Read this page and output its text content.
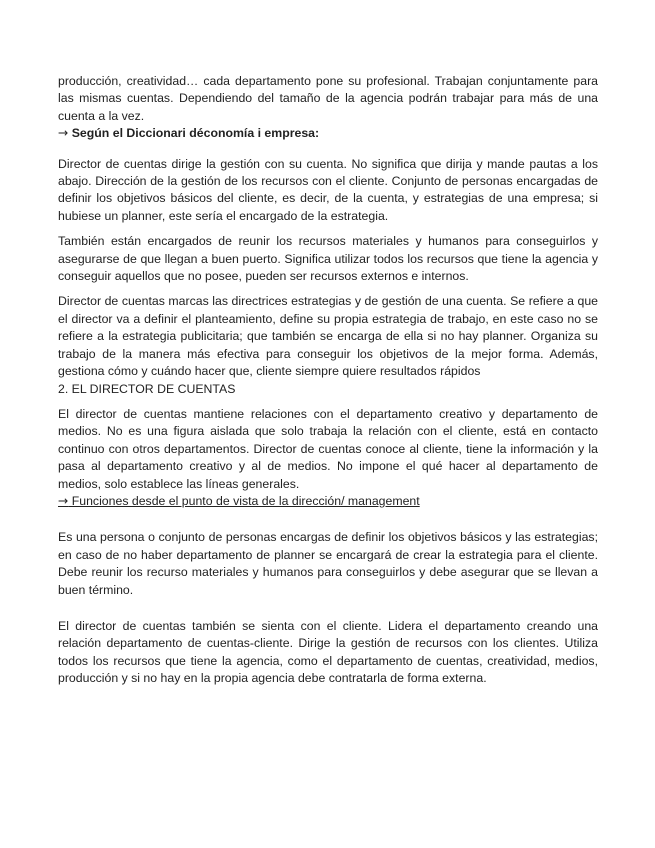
producción, creatividad… cada departamento pone su profesional. Trabajan conjuntamente para las mismas cuentas. Dependiendo del tamaño de la agencia podrán trabajar para más de una cuenta a la vez.

→ Según el Diccionari déconomía i empresa:

Director de cuentas dirige la gestión con su cuenta. No significa que dirija y mande pautas a los abajo. Dirección de la gestión de los recursos con el cliente. Conjunto de personas encargadas de definir los objetivos básicos del cliente, es decir, de la cuenta, y estrategias de una empresa; si hubiese un planner, este sería el encargado de la estrategia.

También están encargados de reunir los recursos materiales y humanos para conseguirlos y asegurarse de que llegan a buen puerto. Significa utilizar todos los recursos que tiene la agencia y conseguir aquellos que no posee, pueden ser recursos externos e internos.

Director de cuentas marcas las directrices estrategias y de gestión de una cuenta. Se refiere a que el director va a definir el planteamiento, define su propia estrategia de trabajo, en este caso no se refiere a la estrategia publicitaria; que también se encarga de ella si no hay planner. Organiza su trabajo de la manera más efectiva para conseguir los objetivos de la mejor forma. Además, gestiona cómo y cuándo hacer que, cliente siempre quiere resultados rápidos

2. EL DIRECTOR DE CUENTAS

El director de cuentas mantiene relaciones con el departamento creativo y departamento de medios. No es una figura aislada que solo trabaja la relación con el cliente, está en contacto continuo con otros departamentos. Director de cuentas conoce al cliente, tiene la información y la pasa al departamento creativo y al de medios. No impone el qué hacer al departamento de medios, solo establece las líneas generales.

→ Funciones desde el punto de vista de la dirección/ management

Es una persona o conjunto de personas encargas de definir los objetivos básicos y las estrategias; en caso de no haber departamento de planner se encargará de crear la estrategia para el cliente. Debe reunir los recurso materiales y humanos para conseguirlos y debe asegurar que se llevan a buen término.

El director de cuentas también se sienta con el cliente. Lidera el departamento creando una relación departamento de cuentas-cliente. Dirige la gestión de recursos con los clientes. Utiliza todos los recursos que tiene la agencia, como el departamento de cuentas, creatividad, medios, producción y si no hay en la propia agencia debe contratarla de forma externa.
